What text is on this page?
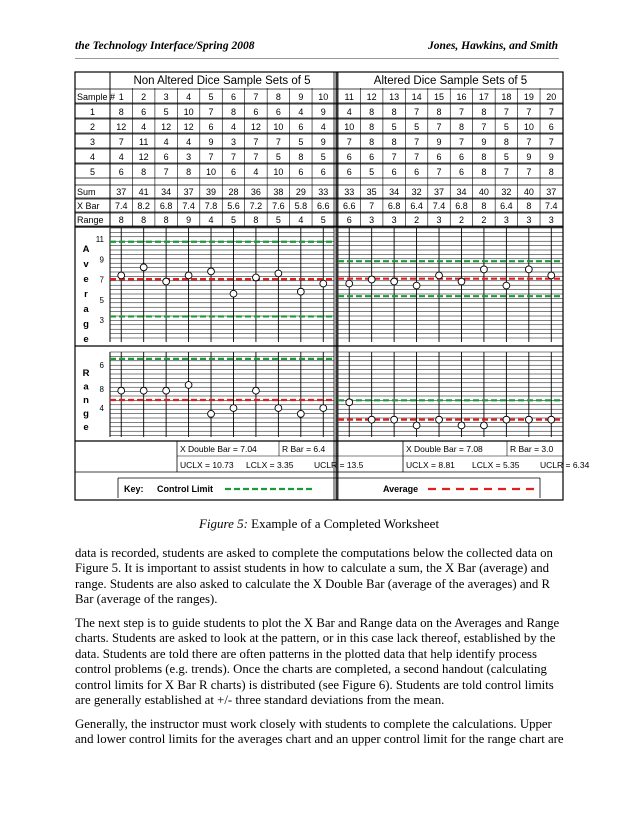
the Technology Interface/Spring 2008	Jones, Hawkins, and Smith
Non Altered Dice Sample Sets of 5	Altered Dice Sample Sets of 5
Sample # 1 2 3 4 5 6 7 8 9 10 11 12 13 14 15 16 17 18 19 20
1	8 6 5 10 7 8 6 6 4 9 4 8 8 7 8 7 8 7 7 7
2 12 4 12 12 6 4 12 10 6 4 10 8 5 5 7 8 7 5 10 6
3	7 11 4 4 9 3 7 7 5 9 7 8 8 7 9 7 9 8 7 7
4	4 12 6 3 7 7 7 5 8 5 6 6 7 7 6 6 8 5 9 9
5	6 8 7 8 10 6 4 10 6 6 6 5 6 6 7 6 8 7 7 8
Sum 37 41 34 37 39 28 36 38 29 33 33 35 34 32 37 34 40 32 40 37
X Bar 7.4 8.2 6.8 7.4 7.8 5.6 7.2 7.6 5.8 6.6 6.6 7 6.8 6.4 7.4 6.8 8 6.4 8 7.4
Range 8 8 8 9 4 5 8 5 4 5 6 3 3 2 3 2 2 3 3 3
11
9
7
5
3
A
v
e
r
a
g
e
6
8
4
R
a
n
g
e
X Double Bar = 7.04	R Bar = 6.4
UCLX = 10.73 LCLX = 3.35 UCLR = 13.5
X Double Bar = 7.08	R Bar = 3.0
UCLX = 8.81 LCLX = 5.35 UCLR = 6.34
Key: Control Limit	Average
Figure 5: Example of a Completed Worksheet

data is recorded, students are asked to complete the computations below the collected data on Figure 5. It is important to assist students in how to calculate a sum, the X Bar (average) and range. Students are also asked to calculate the X Double Bar (average of the averages) and R Bar (average of the ranges).

The next step is to guide students to plot the X Bar and Range data on the Averages and Range charts. Students are asked to look at the pattern, or in this case lack thereof, established by the data. Students are told there are often patterns in the plotted data that help identify process control problems (e.g. trends). Once the charts are completed, a second handout (calculating control limits for X Bar R charts) is distributed (see Figure 6). Students are told control limits are generally established at +/- three standard deviations from the mean.

Generally, the instructor must work closely with students to complete the calculations. Upper and lower control limits for the averages chart and an upper control limit for the range chart are
